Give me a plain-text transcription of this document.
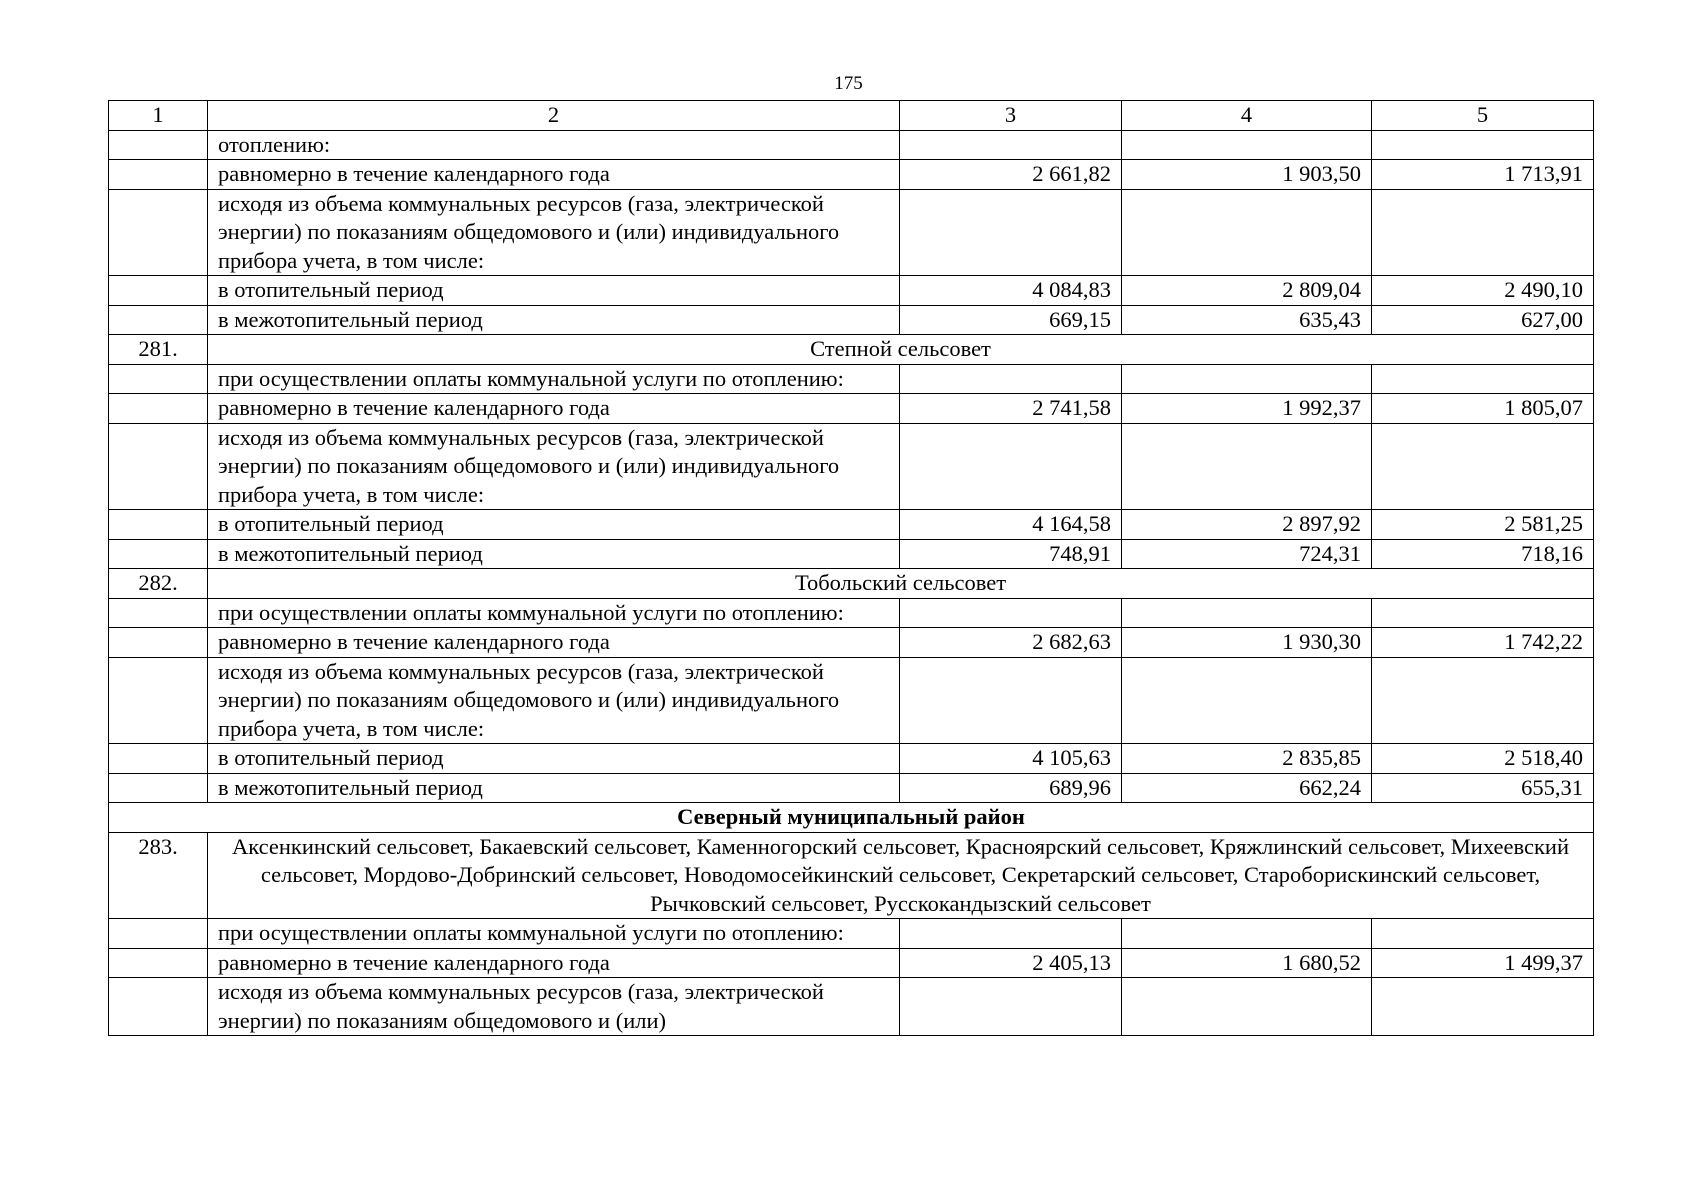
175
1	2	3	4	5
	отоплению:			
	равномерно в течение календарного года	2 661,82	1 903,50	1 713,91
	исходя из объема коммунальных ресурсов (газа, электрической энергии) по показаниям общедомового и (или) индивидуального прибора учета, в том числе:			
	в отопительный период	4 084,83	2 809,04	2 490,10
	в межотопительный период	669,15	635,43	627,00
281.	Степной сельсовет			
	при осуществлении оплаты коммунальной услуги по отоплению:			
	равномерно в течение календарного года	2 741,58	1 992,37	1 805,07
	исходя из объема коммунальных ресурсов (газа, электрической энергии) по показаниям общедомового и (или) индивидуального прибора учета, в том числе:			
	в отопительный период	4 164,58	2 897,92	2 581,25
	в межотопительный период	748,91	724,31	718,16
282.	Тобольский сельсовет			
	при осуществлении оплаты коммунальной услуги по отоплению:			
	равномерно в течение календарного года	2 682,63	1 930,30	1 742,22
	исходя из объема коммунальных ресурсов (газа, электрической энергии) по показаниям общедомового и (или) индивидуального прибора учета, в том числе:			
	в отопительный период	4 105,63	2 835,85	2 518,40
	в межотопительный период	689,96	662,24	655,31
Северный муниципальный район				
283.	Аксенкинский сельсовет, Бакаевский сельсовет, Каменногорский сельсовет, Красноярский сельсовет, Кряжлинский сельсовет, Михеевский сельсовет, Мордово-Добринский сельсовет, Новодомосейкинский сельсовет, Секретарский сельсовет, Староборискинский сельсовет, Рычковский сельсовет, Русскокандызский сельсовет			
	при осуществлении оплаты коммунальной услуги по отоплению:			
	равномерно в течение календарного года	2 405,13	1 680,52	1 499,37
	исходя из объема коммунальных ресурсов (газа, электрической энергии) по показаниям общедомового и (или)			
